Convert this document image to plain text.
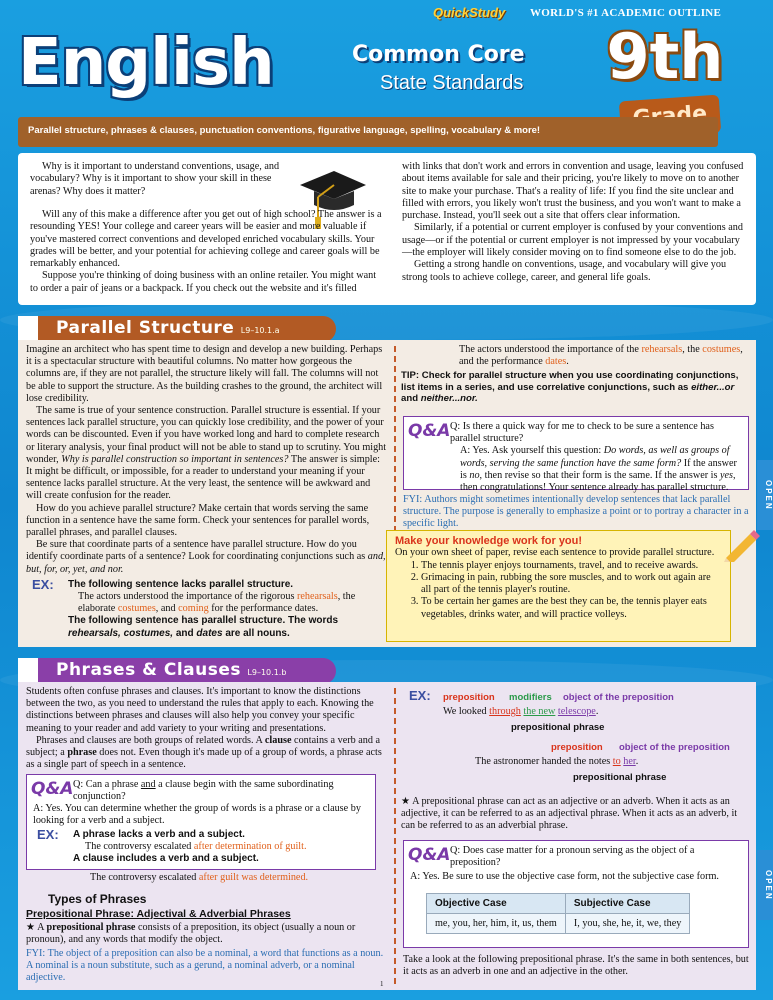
QuickStudy WORLD'S #1 ACADEMIC OUTLINE
English	Common Core
State Standards 9th
Parallel structure, phrases & clauses, punctuation conventions, figurative language, spelling, vocabulary & more!

Why is it important to understand conventions, usage, and vocabulary? Why is it important to show your skill in these arenas? Why does it matter?

Will any of this make a difference after you get out of high school? The answer is a resounding YES! Your college and career years will be easier and more valuable if you've mastered correct conventions and developed enriched vocabulary skills. Your grades will be better, and your potential for achieving college and career goals will be remarkably enhanced.

Suppose you're thinking of doing business with an online retailer. You might want to order a pair of jeans or a backpack. If you check out the website and it's filled

with links that don't work and errors in convention and usage, leaving you confused about items available for sale and their pricing, you're likely to move on to another site to make your purchase. That's a reality of life: If you find the site unclear and filled with errors, you likely won't trust the business, and you won't want to make a purchase. Instead, you'll seek out a site that offers clear information.

Similarly, if a potential or current employer is confused by your conventions and usage—or if the potential or current employer is not impressed by your vocabulary—the employer will likely consider moving on to find someone else to do the job.

Getting a strong handle on conventions, usage, and vocabulary will give you strong tools to achieve college, career, and general life goals.

Parallel Structure L9–10.1.a

Imagine an architect who has spent time to design and develop a new building. Perhaps it is a spectacular structure with beautiful columns. No matter how gorgeous the columns are, if they are not parallel, the structure likely will fall. The columns will not be able to support the structure. As the building crashes to the ground, the architect will lose credibility.

The same is true of your sentence construction. Parallel structure is essential. If your sentences lack parallel structure, you can quickly lose credibility, and the power of your words can be discounted. Even if you have worked long and hard to complete research or literary analysis, your final product will not be able to stand up to scrutiny. You might wonder, Why is parallel construction so important in sentences? The answer is simple: It might be difficult, or impossible, for a reader to understand your meaning if your sentence lacks parallel structure. At the very least, the sentence will be awkward and will create confusion for the reader.

How do you achieve parallel structure? Make certain that words serving the same function in a sentence have the same form. Check your sentences for parallel words, parallel phrases, and parallel clauses.

Be sure that coordinate parts of a sentence have parallel structure. How do you identify coordinate parts of a sentence? Look for coordinating conjunctions such as and, but, for, or, yet, and nor.

EX:	The following sentence lacks parallel structure.
The actors understood the importance of the rigorous rehearsals, the elaborate costumes, and coming for the performance dates.
The following sentence has parallel structure. The words rehearsals, costumes, and dates are all nouns.
The actors understood the importance of the rehearsals, the costumes,
and the performance dates.
TIP: Check for parallel structure when you use coordinating conjunctions, list items in a series, and use correlative conjunctions, such as either...or and neither...nor.
Q&A Q: Is there a quick way for me to check to be sure a sentence has parallel structure?
A: Yes. Ask yourself this question: Do words, as well as groups of words, serving the same function have the same form? If the answer is no, then revise so that their form is the same. If the answer is yes, then congratulations! Your sentence already has parallel structure.
FYI: Authors might sometimes intentionally develop sentences that lack parallel structure. The purpose is generally to emphasize a point or to portray a character in a specific light.
Make your knowledge work for you!
On your own sheet of paper, revise each sentence to provide parallel structure.
1. The tennis player enjoys tournaments, travel, and to receive awards.
2. Grimacing in pain, rubbing the sore muscles, and to work out again are all part of the tennis player's routine.
3. To be certain her games are the best they can be, the tennis player eats vegetables, drinks water, and will practice volleys.
Phrases & Clauses L9–10.1.b

Students often confuse phrases and clauses. It's important to know the distinctions between the two, as you need to understand the rules that apply to each. Knowing the distinctions between phrases and clauses will also help you convey your specific meaning to your reader and add variety to your writing and presentations.

Phrases and clauses are both groups of related words. A clause contains a verb and a subject; a phrase does not. Even though it's made up of a group of words, a phrase acts as a single part of speech in a sentence.

Q&A Q: Can a phrase and a clause begin with the same subordinating conjunction?
A: Yes. You can determine whether the group of words is a phrase or a clause by looking for a verb and a subject.
EX:	A phrase lacks a verb and a subject.
The controversy escalated after determination of guilt.
A clause includes a verb and a subject.
The controversy escalated after guilt was determined.
Types of Phrases
Prepositional Phrase: Adjectival & Adverbial Phrases
★ A prepositional phrase consists of a preposition, its object (usually a noun or pronoun), and any words that modify the object.
FYI: The object of a preposition can also be a nominal, a word that functions as a noun. A nominal is a noun substitute, such as a gerund, a nominal adverb, or a nominal adjective.
EX: preposition modifiers object of the preposition
We looked through the new telescope.
prepositional phrase
preposition object of the preposition
The astronomer handed the notes to her.
prepositional phrase
★ A prepositional phrase can act as an adjective or an adverb. When it acts as an adjective, it can be referred to as an adjectival phrase. When it acts as an adverb, it can be referred to as an adverbial phrase.
Q&A Q: Does case matter for a pronoun serving as the object of a preposition?
A: Yes. Be sure to use the objective case form, not the subjective case form.
Objective Case	Subjective Case
me, you, her, him, it, us, them	I, you, she, he, it, we, they
Take a look at the following prepositional phrase. It's the same in both sentences, but it acts as an adverb in one and an adjective in the other.
1
OPEN
OPEN
